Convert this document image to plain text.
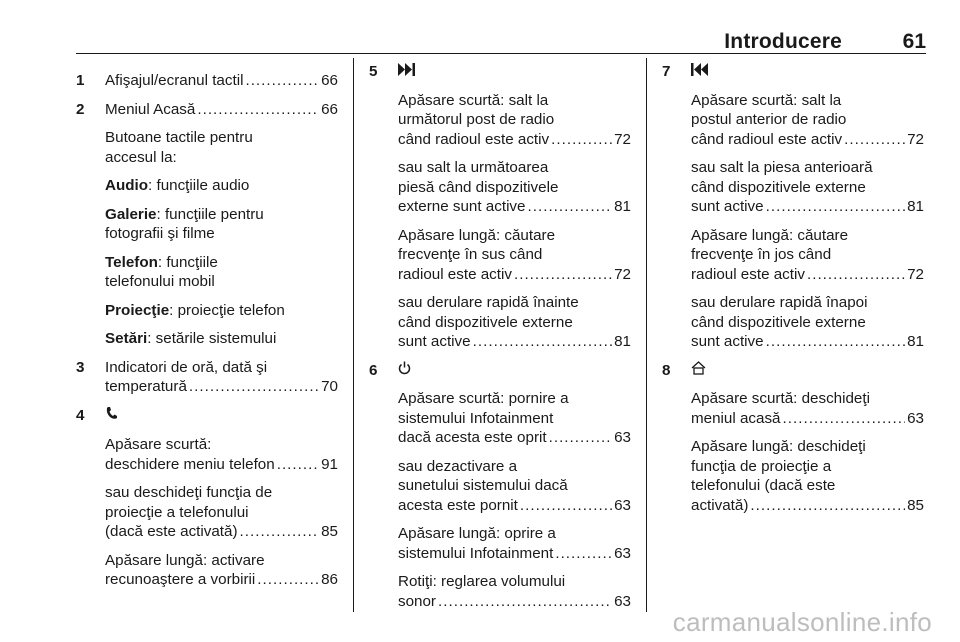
Introducere	61
1 Afişajul/ecranul tactil . . .	66
2 Meniul Acasă . . .	66
Butoane tactile pentru
accesul la:
Audio: funcţiile audio
Galerie: funcţiile pentru
fotografii şi filme
Telefon: funcţiile
telefonului mobil
Proiecţie: proiecţie telefon
Setări: setările sistemului
3 Indicatori de oră, dată şi
temperatură . . .	70
4
Apăsare scurtă:
deschidere meniu telefon . . .	91
sau deschideţi funcţia de
proiecţie a telefonului
(dacă este activată) . . .	85
Apăsare lungă: activare
recunoaştere a vorbirii . . .	86
5
Apăsare scurtă: salt la
următorul post de radio
când radioul este activ . . .	72
sau salt la următoarea
piesă când dispozitivele
externe sunt active . . .	81
Apăsare lungă: căutare
frecvenţe în sus când
radioul este activ . . .	72
sau derulare rapidă înainte
când dispozitivele externe
sunt active . . .	81
6
Apăsare scurtă: pornire a
sistemului Infotainment
dacă acesta este oprit . . .	63
sau dezactivare a
sunetului sistemului dacă
acesta este pornit . . .	63
Apăsare lungă: oprire a
sistemului Infotainment . . .	63
Rotiţi: reglarea volumului
sonor . . .	63
7
Apăsare scurtă: salt la
postul anterior de radio
când radioul este activ . . .	72
sau salt la piesa anterioară
când dispozitivele externe
sunt active . . .	81
Apăsare lungă: căutare
frecvenţe în jos când
radioul este activ . . .	72
sau derulare rapidă înapoi
când dispozitivele externe
sunt active . . .	81
8
Apăsare scurtă: deschideţi
meniul acasă . . .	63
Apăsare lungă: deschideţi
funcţia de proiecţie a
telefonului (dacă este
activată) . . .	85
carmanualsonline.info
